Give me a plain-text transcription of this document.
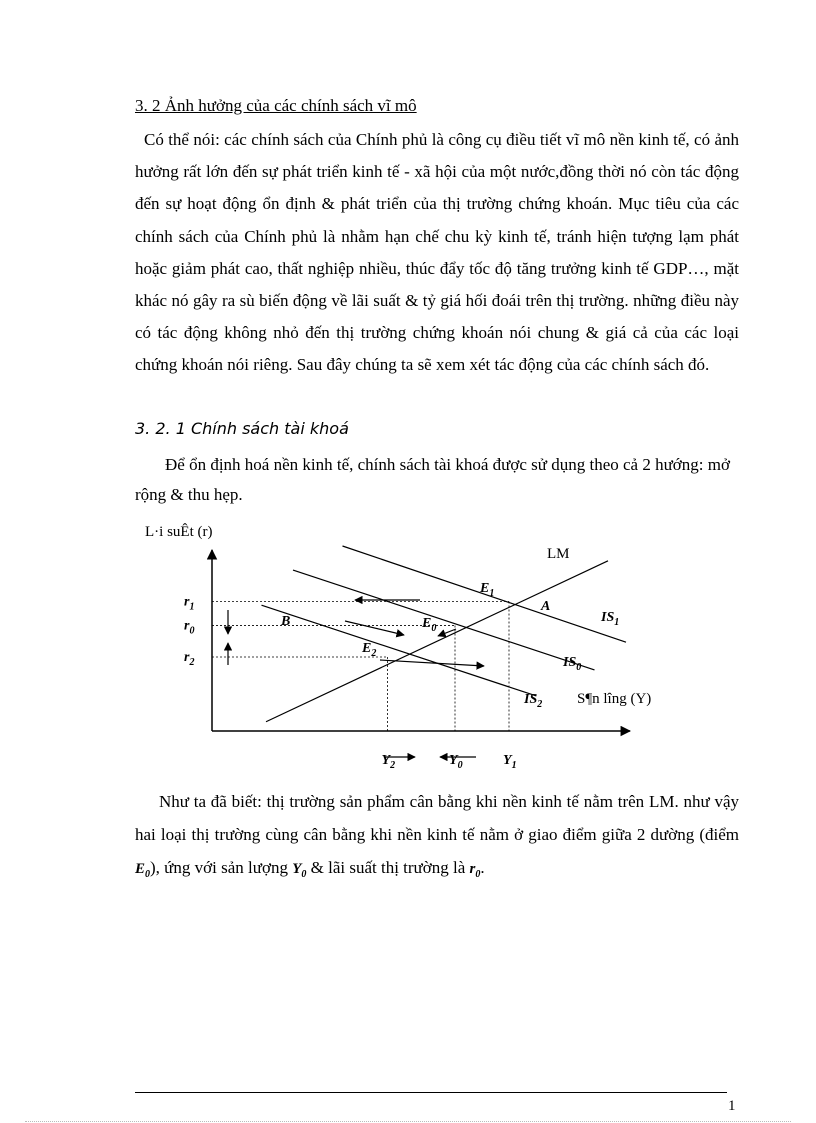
3. 2 Ảnh hưởng của các chính sách vĩ mô

Có thể nói: các chính sách của Chính phủ là công cụ điều tiết vĩ mô nền kinh tế, có ảnh hưởng rất lớn đến sự phát triển kinh tế - xã hội của một nước,đồng thời nó còn tác động đến sự hoạt động ổn định & phát triển của thị trường chứng khoán. Mục tiêu của các chính sách của Chính phủ là nhằm hạn chế chu kỳ kinh tế, tránh hiện tượng lạm phát hoặc giảm phát cao, thất nghiệp nhiều, thúc đẩy tốc độ tăng trưởng kinh tế GDP…, mặt khác nó gây ra sù biến động về lãi suất & tỷ giá hối đoái trên thị trường. những điều này có tác động không nhỏ đến thị trường chứng khoán nói chung & giá cả của các loại chứng khoán nói riêng. Sau đây chúng ta sẽ xem xét tác động của các chính sách đó.

3. 2. 1 Chính sách tài khoá

Để ổn định hoá nền kinh tế, chính sách tài khoá được sử dụng theo cả 2 hướng: mở rộng & thu hẹp.

L·i suÊt (r)
S¶n lîng (Y)
LM
$IS_1$
$IS_0$
$IS_2$
$E_1$
$E_0$
$E_2$
A
B
$r_1$
$r_0$
$r_2$
$Y_2$	$Y_0$	$Y_1$

Như ta đã biết: thị trường sản phẩm cân bằng khi nền kinh tế nằm trên LM. như vậy hai loại thị trường cùng cân bằng khi nền kinh tế nằm ở giao điểm giữa 2 dường (điểm $E_0$), ứng với sản lượng $Y_0$ & lãi suất thị trường là $r_0$.

1
